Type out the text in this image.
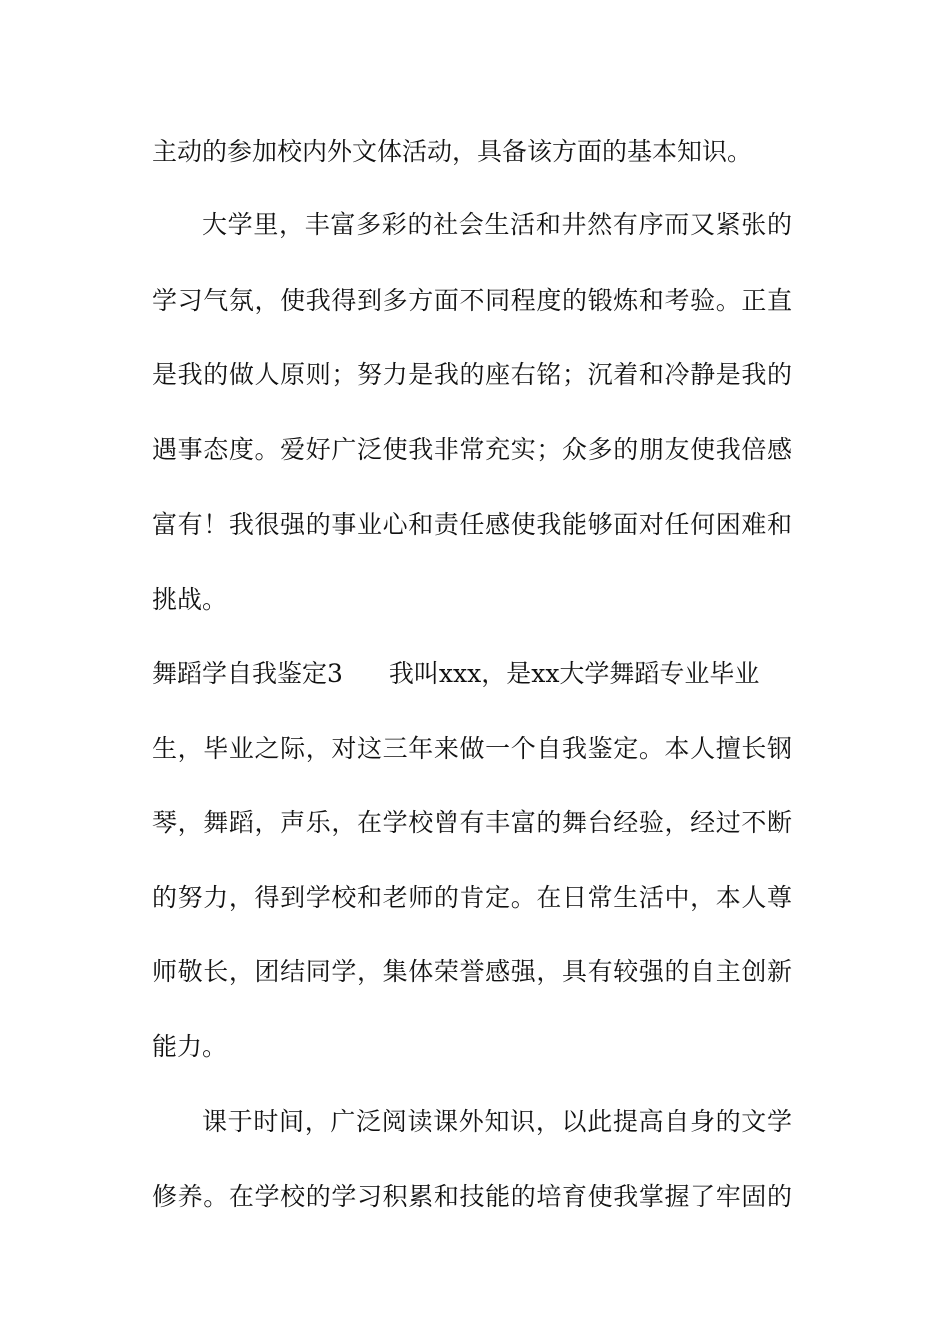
主动的参加校内外文体活动，具备该方面的基本知识。
大学里，丰富多彩的社会生活和井然有序而又紧张的
学习气氛，使我得到多方面不同程度的锻炼和考验。正直
是我的做人原则；努力是我的座右铭；沉着和冷静是我的
遇事态度。爱好广泛使我非常充实；众多的朋友使我倍感
富有！我很强的事业心和责任感使我能够面对任何困难和
挑战。
舞蹈学自我鉴定3 我叫xxx，是xx大学舞蹈专业毕业
生，毕业之际，对这三年来做一个自我鉴定。本人擅长钢
琴，舞蹈，声乐，在学校曾有丰富的舞台经验，经过不断
的努力，得到学校和老师的肯定。在日常生活中，本人尊
师敬长，团结同学，集体荣誉感强，具有较强的自主创新
能力。
课于时间，广泛阅读课外知识，以此提高自身的文学
修养。在学校的学习积累和技能的培育使我掌握了牢固的
